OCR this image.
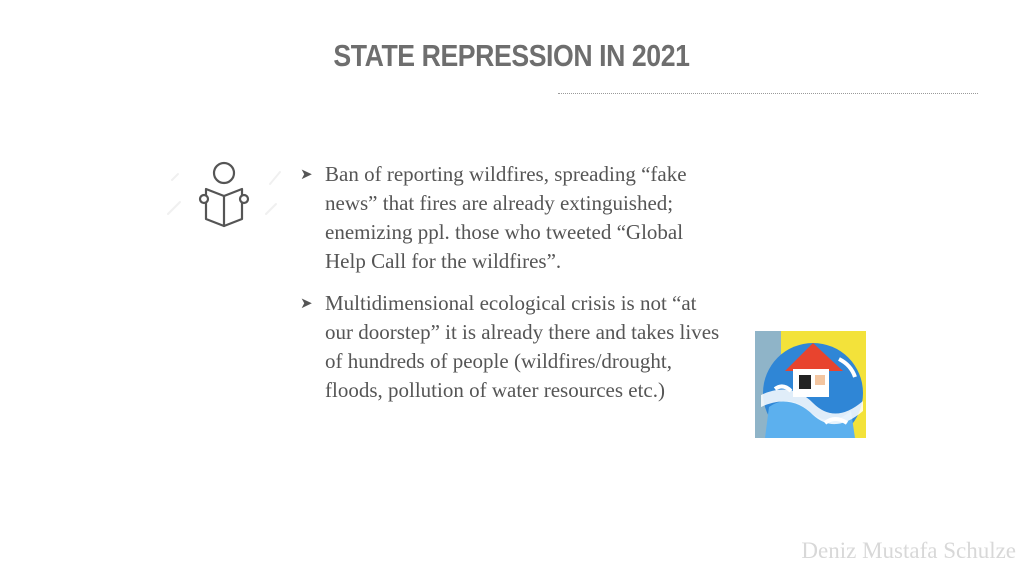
STATE REPRESSION IN 2021
➤ Ban of reporting wildfires, spreading “fake news” that fires are already extinguished; enemizing ppl. those who tweeted “Global Help Call for the wildfires”.
➤ Multidimensional ecological crisis is not “at our doorstep” it is already there and takes lives of hundreds of people (wildfires/drought, floods, pollution of water resources etc.)
Deniz Mustafa Schulze
